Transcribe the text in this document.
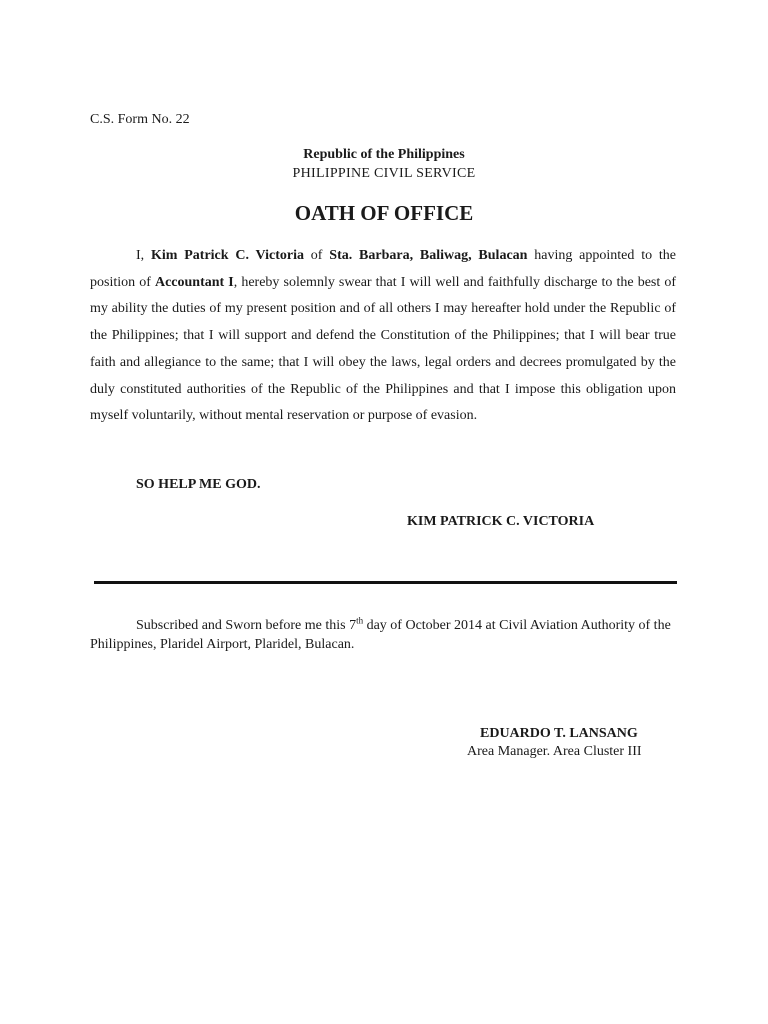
C.S. Form No. 22
Republic of the Philippines
PHILIPPINE CIVIL SERVICE
OATH OF OFFICE

I, Kim Patrick C. Victoria of Sta. Barbara, Baliwag, Bulacan having appointed to the position of Accountant I, hereby solemnly swear that I will well and faithfully discharge to the best of my ability the duties of my present position and of all others I may hereafter hold under the Republic of the Philippines; that I will support and defend the Constitution of the Philippines; that I will bear true faith and allegiance to the same; that I will obey the laws, legal orders and decrees promulgated by the duly constituted authorities of the Republic of the Philippines and that I impose this obligation upon myself voluntarily, without mental reservation or purpose of evasion.

SO HELP ME GOD.
KIM PATRICK C. VICTORIA

Subscribed and Sworn before me this 7th day of October 2014 at Civil Aviation Authority of the Philippines, Plaridel Airport, Plaridel, Bulacan.

EDUARDO T. LANSANG
Area Manager. Area Cluster III
